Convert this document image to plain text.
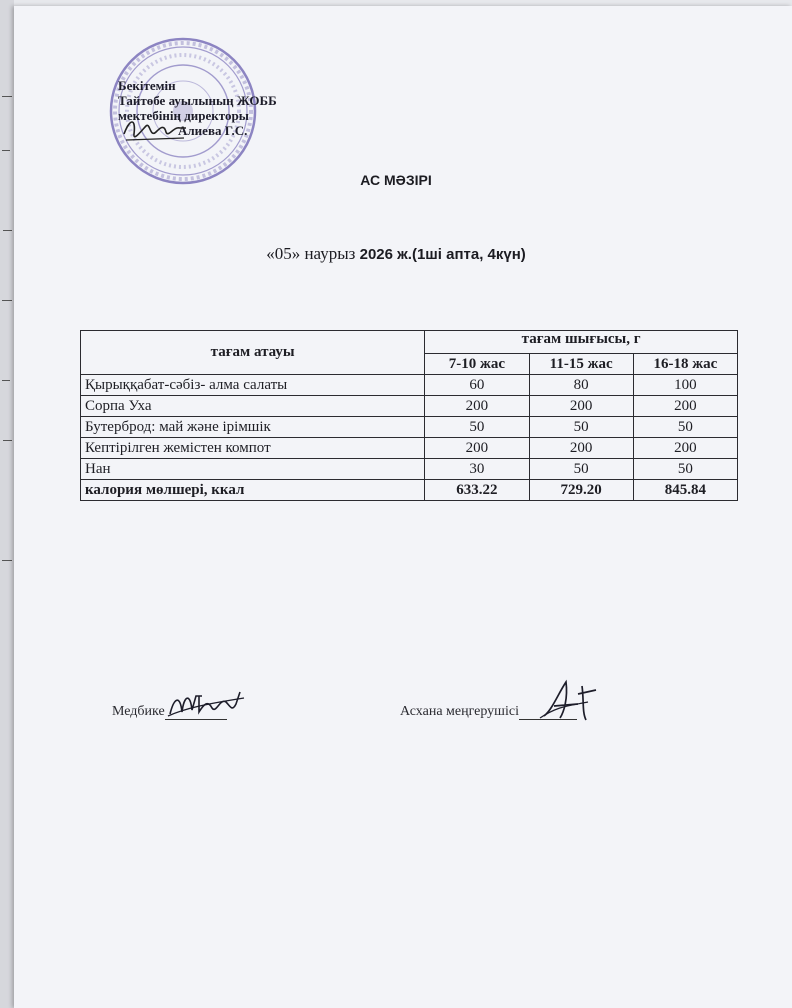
Бекітемін
Тайтөбе ауылының ЖОББ
мектебінің директоры
Алиева Г.С.
АС МӘЗІРІ
«05» наурыз 2026 ж.(1ші апта, 4күн)
тағам атауы	тағам шығысы, г		
	7-10 жас	11-15 жас	16-18 жас
Қырыққабат-сәбіз- алма салаты	60	80	100
Сорпа Уха	200	200	200
Бутерброд: май және ірімшік	50	50	50
Кептірілген жемістен компот	200	200	200
Нан	30	50	50
калория мөлшері, ккал	633.22	729.20	845.84
Медбике	Асхана меңгерушісі
